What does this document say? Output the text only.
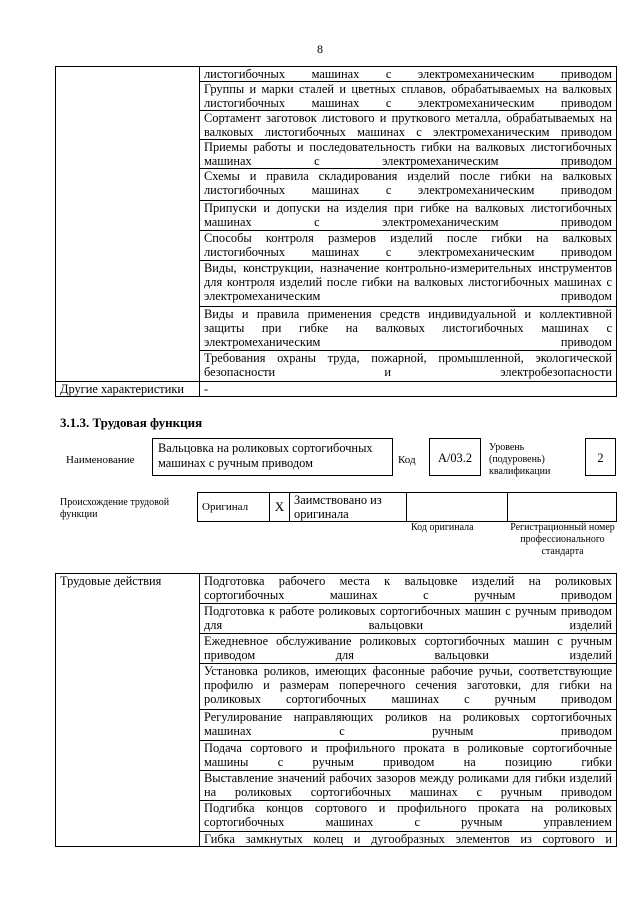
8
	листогибочных машинах с электромеханическим приводом
	Группы и марки сталей и цветных сплавов, обрабатываемых на валковых листогибочных машинах с электромеханическим приводом
	Сортамент заготовок листового и пруткового металла, обрабатываемых на валковых листогибочных машинах с электромеханическим приводом
	Приемы работы и последовательность гибки на валковых листогибочных машинах с электромеханическим приводом
	Схемы и правила складирования изделий после гибки на валковых листогибочных машинах с электромеханическим приводом
	Припуски и допуски на изделия при гибке на валковых листогибочных машинах с электромеханическим приводом
	Способы контроля размеров изделий после гибки на валковых листогибочных машинах с электромеханическим приводом
	Виды, конструкции, назначение контрольно-измерительных инструментов для контроля изделий после гибки на валковых листогибочных машинах с электромеханическим приводом
	Виды и правила применения средств индивидуальной и коллективной защиты при гибке на валковых листогибочных машинах с электромеханическим приводом
	Требования охраны труда, пожарной, промышленной, экологической безопасности и электробезопасности
Другие характеристики	-
3.1.3. Трудовая функция
Наименование
Вальцовка на роликовых сортогибочных машинах с ручным приводом	Код	A/03.2
Уровень (подуровень) квалификации
2
Происхождение трудовой функции
Оригинал	X	Заимствовано из оригинала		
Код оригинала	Регистрационный номер профессионального стандарта
Трудовые действия	Подготовка рабочего места к вальцовке изделий на роликовых сортогибочных машинах с ручным приводом
Подготовка к работе роликовых сортогибочных машин с ручным приводом для вальцовки изделий
Ежедневное обслуживание роликовых сортогибочных машин с ручным приводом для вальцовки изделий
Установка роликов, имеющих фасонные рабочие ручьи, соответствующие профилю и размерам поперечного сечения заготовки, для гибки на роликовых сортогибочных машинах с ручным приводом
Регулирование направляющих роликов на роликовых сортогибочных машинах с ручным приводом
Подача сортового и профильного проката в роликовые сортогибочные машины с ручным приводом на позицию гибки
Выставление значений рабочих зазоров между роликами для гибки изделий на роликовых сортогибочных машинах с ручным приводом
Подгибка концов сортового и профильного проката на роликовых сортогибочных машинах с ручным управлением
Гибка замкнутых колец и дугообразных элементов из сортового и
